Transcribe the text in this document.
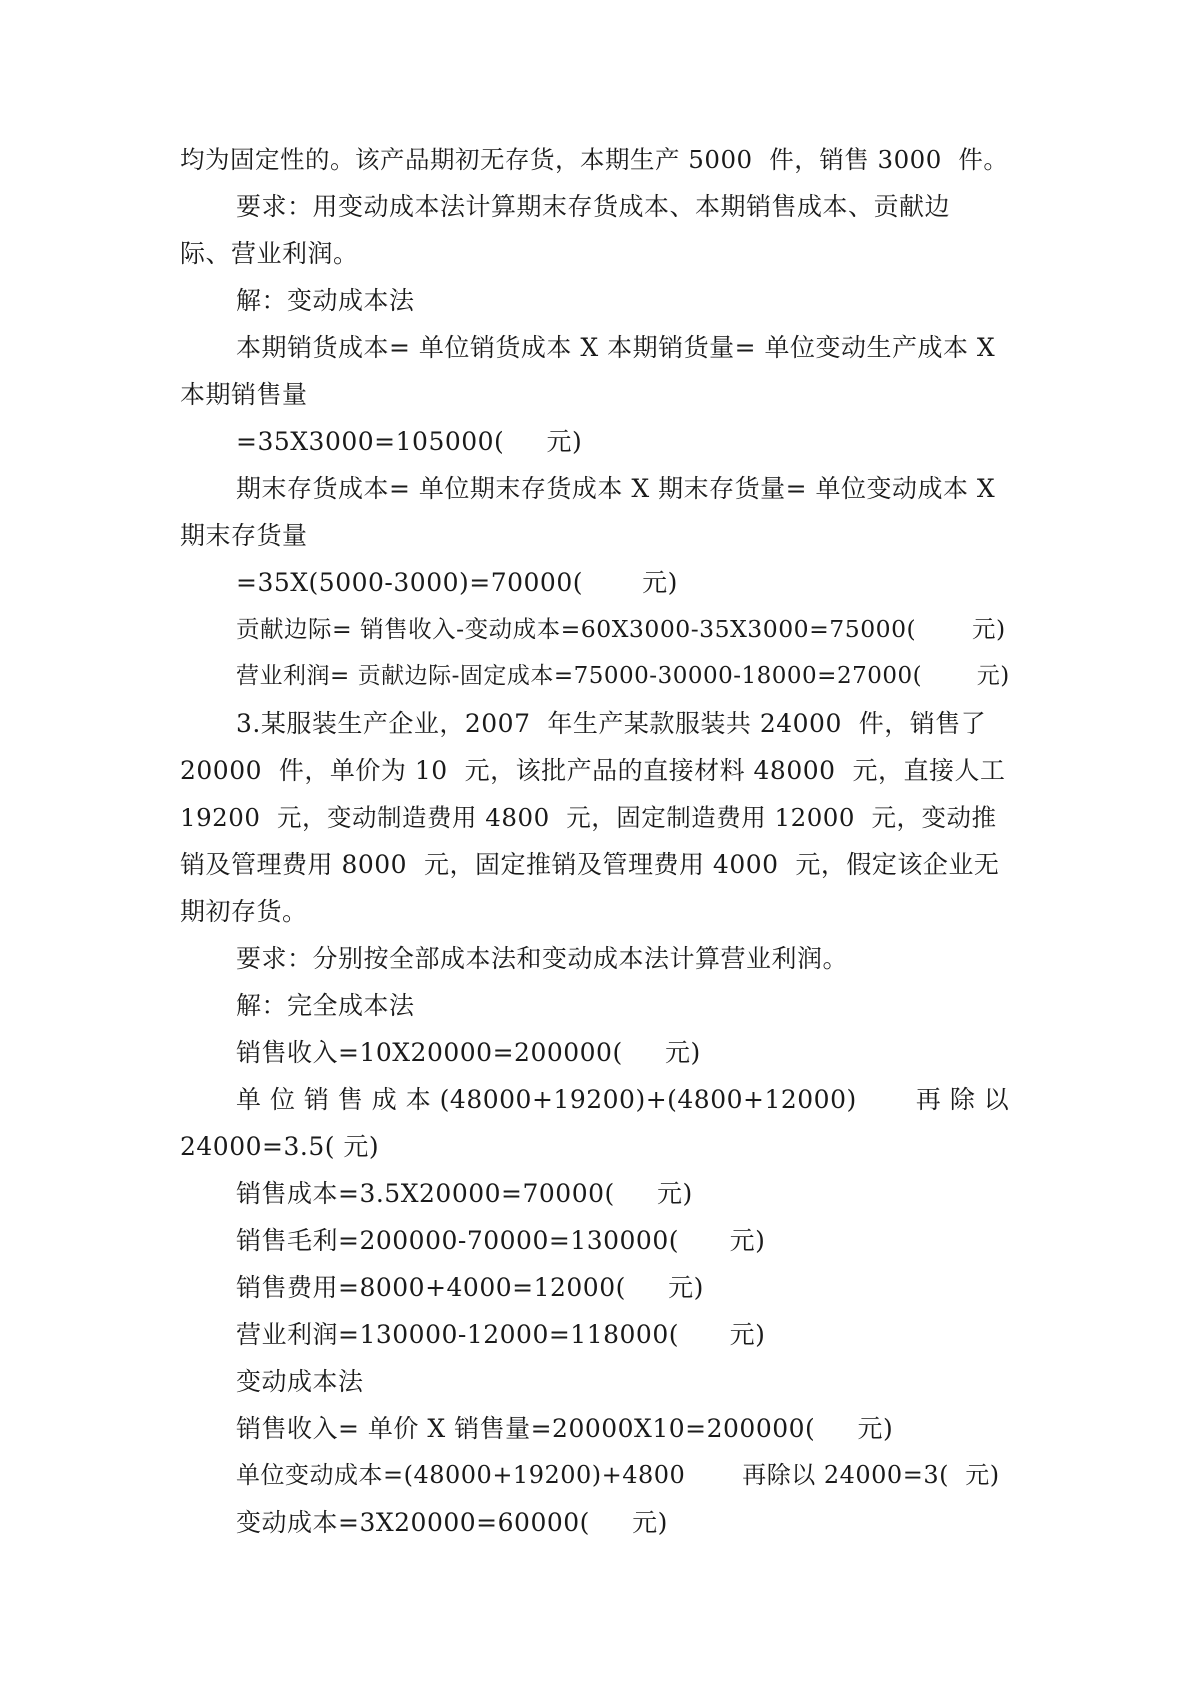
均为固定性的。该产品期初无存货，本期生产 5000  件，销售 3000  件。
要求：用变动成本法计算期末存货成本、本期销售成本、贡献边
际、营业利润。
解：变动成本法
本期销货成本= 单位销货成本 X 本期销货量= 单位变动生产成本 X
本期销售量
=35X3000=105000(     元)
期末存货成本= 单位期末存货成本 X 期末存货量= 单位变动成本 X
期末存货量
=35X(5000-3000)=70000(       元)
贡献边际= 销售收入-变动成本=60X3000-35X3000=75000(       元)
营业利润= 贡献边际-固定成本=75000-30000-18000=27000(       元)
3.某服装生产企业，2007  年生产某款服装共 24000  件，销售了
20000  件，单价为 10  元，该批产品的直接材料 48000  元，直接人工
19200  元，变动制造费用 4800  元，固定制造费用 12000  元，变动推
销及管理费用 8000  元，固定推销及管理费用 4000  元，假定该企业无
期初存货。
要求：分别按全部成本法和变动成本法计算营业利润。
解：完全成本法
销售收入=10X20000=200000(     元)
单 位 销 售 成 本 (48000+19200)+(4800+12000)       再 除 以
24000=3.5( 元)
销售成本=3.5X20000=70000(     元)
销售毛利=200000-70000=130000(      元)
销售费用=8000+4000=12000(     元)
营业利润=130000-12000=118000(      元)
变动成本法
销售收入= 单价 X 销售量=20000X10=200000(     元)
单位变动成本=(48000+19200)+4800       再除以 24000=3(  元)
变动成本=3X20000=60000(     元)
